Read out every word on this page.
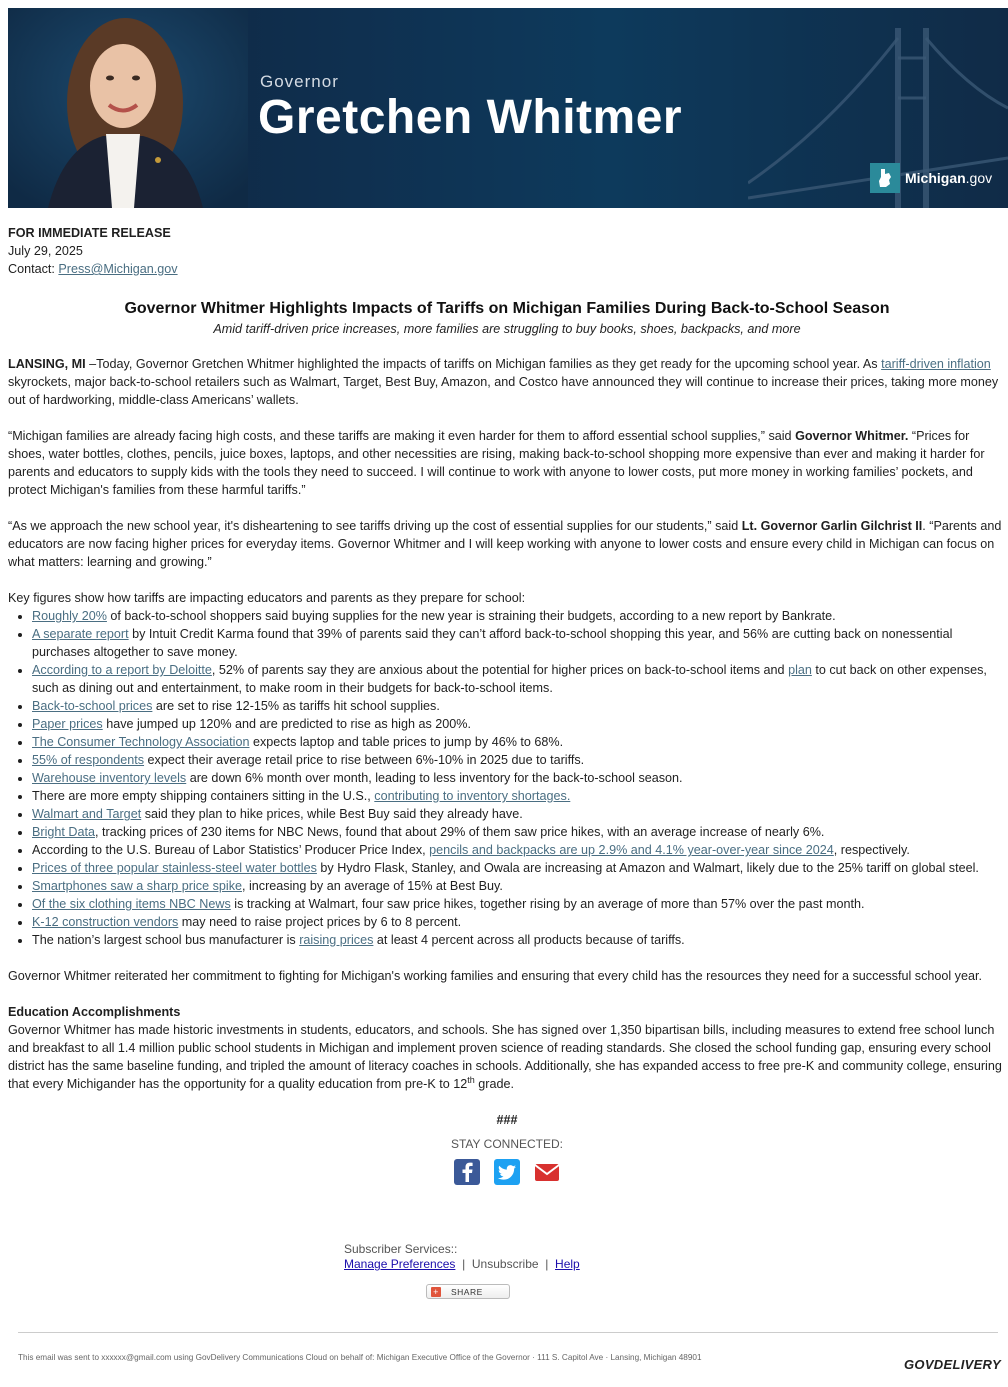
Governor
Gretchen Whitmer
Michigan.gov
FOR IMMEDIATE RELEASE
July 29, 2025
Contact: Press@Michigan.gov
Governor Whitmer Highlights Impacts of Tariffs on Michigan Families During Back-to-School Season
Amid tariff-driven price increases, more families are struggling to buy books, shoes, backpacks, and more

LANSING, MI –Today, Governor Gretchen Whitmer highlighted the impacts of tariffs on Michigan families as they get ready for the upcoming school year. As tariff-driven inflation skyrockets, major back-to-school retailers such as Walmart, Target, Best Buy, Amazon, and Costco have announced they will continue to increase their prices, taking more money out of hardworking, middle-class Americans’ wallets.

“Michigan families are already facing high costs, and these tariffs are making it even harder for them to afford essential school supplies,” said Governor Whitmer. “Prices for shoes, water bottles, clothes, pencils, juice boxes, laptops, and other necessities are rising, making back-to-school shopping more expensive than ever and making it harder for parents and educators to supply kids with the tools they need to succeed. I will continue to work with anyone to lower costs, put more money in working families’ pockets, and protect Michigan's families from these harmful tariffs.”

“As we approach the new school year, it's disheartening to see tariffs driving up the cost of essential supplies for our students,” said Lt. Governor Garlin Gilchrist II. “Parents and educators are now facing higher prices for everyday items. Governor Whitmer and I will keep working with anyone to lower costs and ensure every child in Michigan can focus on what matters: learning and growing.”

Key figures show how tariffs are impacting educators and parents as they prepare for school:
• Roughly 20% of back-to-school shoppers said buying supplies for the new year is straining their budgets, according to a new report by Bankrate.
• A separate report by Intuit Credit Karma found that 39% of parents said they can’t afford back-to-school shopping this year, and 56% are cutting back on nonessential purchases altogether to save money.
• According to a report by Deloitte, 52% of parents say they are anxious about the potential for higher prices on back-to-school items and plan to cut back on other expenses, such as dining out and entertainment, to make room in their budgets for back-to-school items.
• Back-to-school prices are set to rise 12-15% as tariffs hit school supplies.
• Paper prices have jumped up 120% and are predicted to rise as high as 200%.
• The Consumer Technology Association expects laptop and table prices to jump by 46% to 68%.
• 55% of respondents expect their average retail price to rise between 6%-10% in 2025 due to tariffs.
• Warehouse inventory levels are down 6% month over month, leading to less inventory for the back-to-school season.
• There are more empty shipping containers sitting in the U.S., contributing to inventory shortages.
• Walmart and Target said they plan to hike prices, while Best Buy said they already have.
• Bright Data, tracking prices of 230 items for NBC News, found that about 29% of them saw price hikes, with an average increase of nearly 6%.
• According to the U.S. Bureau of Labor Statistics’ Producer Price Index, pencils and backpacks are up 2.9% and 4.1% year-over-year since 2024, respectively.
• Prices of three popular stainless-steel water bottles by Hydro Flask, Stanley, and Owala are increasing at Amazon and Walmart, likely due to the 25% tariff on global steel.
• Smartphones saw a sharp price spike, increasing by an average of 15% at Best Buy.
• Of the six clothing items NBC News is tracking at Walmart, four saw price hikes, together rising by an average of more than 57% over the past month.
• K-12 construction vendors may need to raise project prices by 6 to 8 percent.
• The nation’s largest school bus manufacturer is raising prices at least 4 percent across all products because of tariffs.

Governor Whitmer reiterated her commitment to fighting for Michigan's working families and ensuring that every child has the resources they need for a successful school year.

Education Accomplishments

Governor Whitmer has made historic investments in students, educators, and schools. She has signed over 1,350 bipartisan bills, including measures to extend free school lunch and breakfast to all 1.4 million public school students in Michigan and implement proven science of reading standards. She closed the school funding gap, ensuring every school district has the same baseline funding, and tripled the amount of literacy coaches in schools. Additionally, she has expanded access to free pre-K and community college, ensuring that every Michigander has the opportunity for a quality education from pre-K to 12th grade.

###
STAY CONNECTED:
Subscriber Services::
Manage Preferences | Unsubscribe | Help
+ SHARE
This email was sent to xxxxxx@gmail.com using GovDelivery Communications Cloud on behalf of: Michigan Executive Office of the Governor · 111 S. Capitol Ave · Lansing, Michigan 48901	GOVDELIVERY
